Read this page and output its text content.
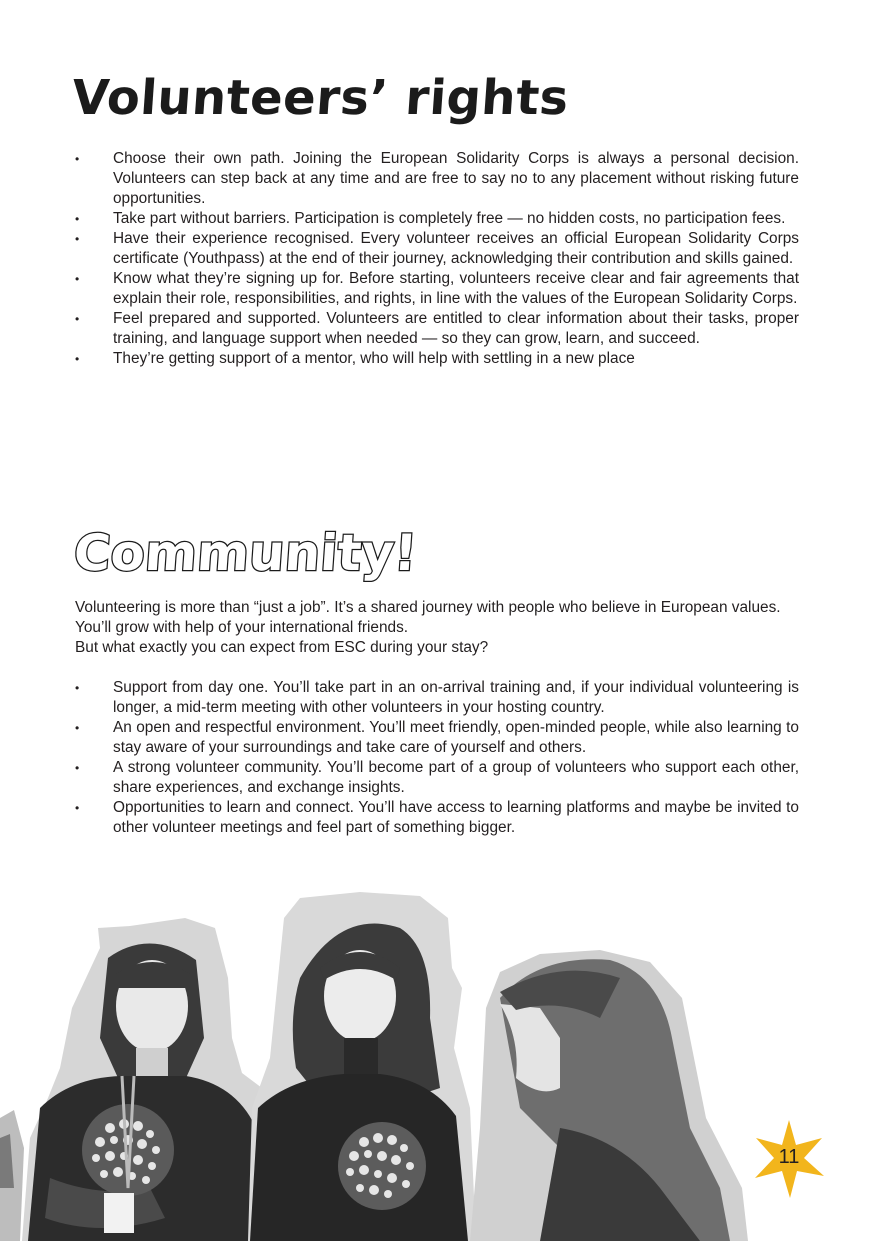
Volunteers’ rights
• Choose their own path. Joining the European Solidarity Corps is always a personal decision. Volunteers can step back at any time and are free to say no to any placement without risking future opportunities.
• Take part without barriers. Participation is completely free — no hidden costs, no participation fees.
• Have their experience recognised. Every volunteer receives an official European Solidarity Corps certificate (Youthpass) at the end of their journey, acknowledging their contribution and skills gained.
• Know what they’re signing up for. Before starting, volunteers receive clear and fair agreements that explain their role, responsibilities, and rights, in line with the values of the European Solidarity Corps.
• Feel prepared and supported. Volunteers are entitled to clear information about their tasks, proper training, and language support when needed — so they can grow, learn, and succeed.
• They’re getting support of a mentor, who will help with settling in a new place
Community!

Volunteering is more than “just a job”. It’s a shared journey with people who believe in European values. You’ll grow with help of your international friends.

But what exactly you can expect from ESC during your stay?

• Support from day one. You’ll take part in an on-arrival training and, if your individual volunteering is longer, a mid-term meeting with other volunteers in your hosting country.
• An open and respectful environment. You’ll meet friendly, open-minded people, while also learning to stay aware of your surroundings and take care of yourself and others.
• A strong volunteer community. You’ll become part of a group of volunteers who support each other, share experiences, and exchange insights.
• Opportunities to learn and connect. You’ll have access to learning platforms and maybe be invited to other volunteer meetings and feel part of something bigger.
11
